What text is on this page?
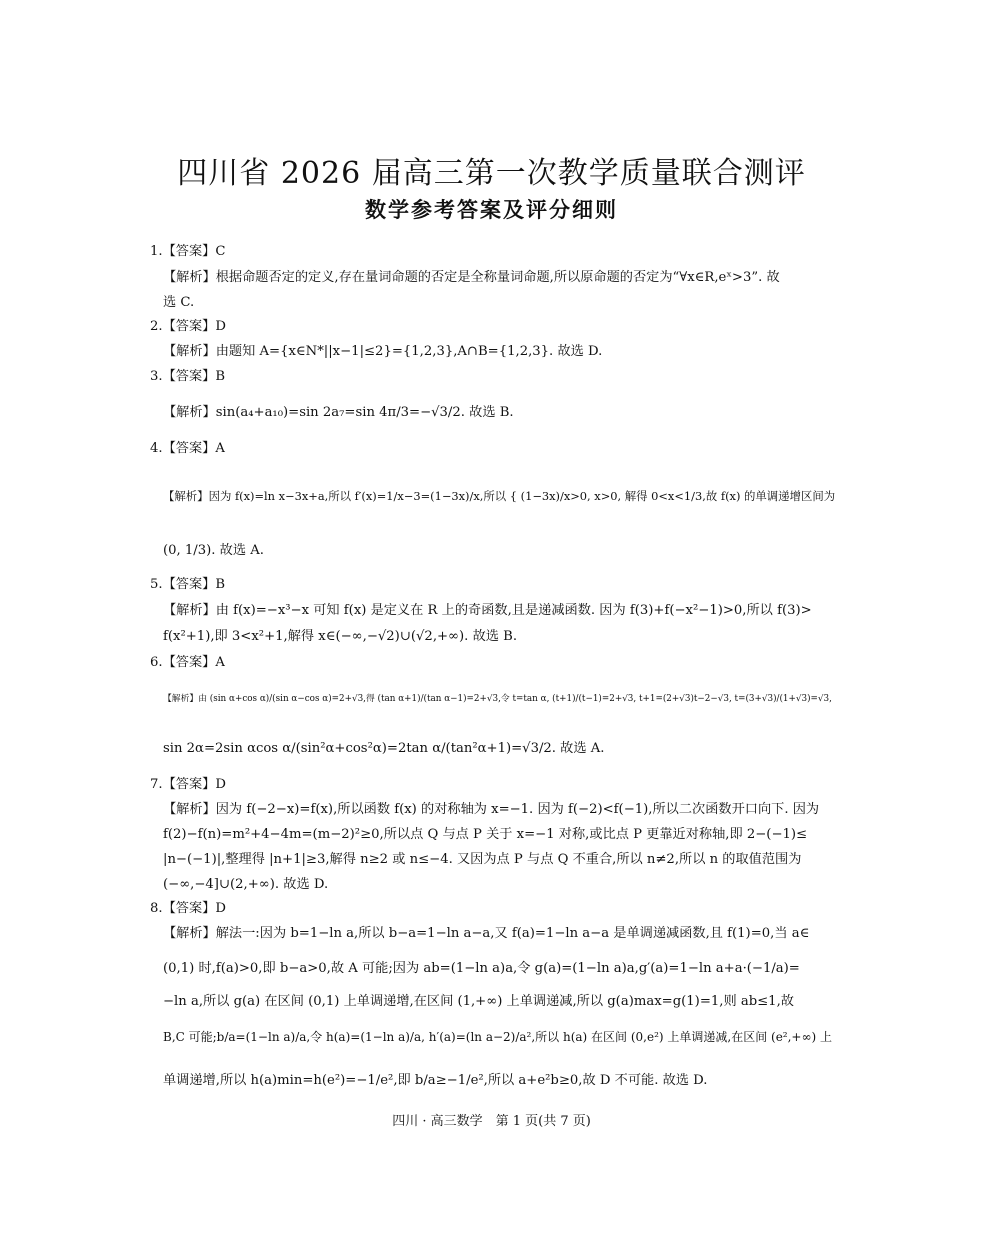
四川省 2026 届高三第一次教学质量联合测评
数学参考答案及评分细则
1.【答案】C
【解析】根据命题否定的定义,存在量词命题的否定是全称量词命题,所以原命题的否定为“∀x∈R,eˣ>3”. 故
选 C.
2.【答案】D
【解析】由题知 A={x∈N*||x−1|≤2}={1,2,3},A∩B={1,2,3}. 故选 D.
3.【答案】B
【解析】sin(a₄+a₁₀)=sin 2a₇=sin 4π/3=−√3/2. 故选 B.
4.【答案】A
【解析】因为 f(x)=ln x−3x+a,所以 f′(x)=1/x−3=(1−3x)/x,所以 { (1−3x)/x>0, x>0, 解得 0<x<1/3,故 f(x) 的单调递增区间为
(0, 1/3). 故选 A.
5.【答案】B
【解析】由 f(x)=−x³−x 可知 f(x) 是定义在 R 上的奇函数,且是递减函数. 因为 f(3)+f(−x²−1)>0,所以 f(3)>
f(x²+1),即 3<x²+1,解得 x∈(−∞,−√2)∪(√2,+∞). 故选 B.
6.【答案】A
【解析】由 (sin α+cos α)/(sin α−cos α)=2+√3,得 (tan α+1)/(tan α−1)=2+√3,令 t=tan α, (t+1)/(t−1)=2+√3, t+1=(2+√3)t−2−√3, t=(3+√3)/(1+√3)=√3,
sin 2α=2sin αcos α/(sin²α+cos²α)=2tan α/(tan²α+1)=√3/2. 故选 A.
7.【答案】D
【解析】因为 f(−2−x)=f(x),所以函数 f(x) 的对称轴为 x=−1. 因为 f(−2)<f(−1),所以二次函数开口向下. 因为
f(2)−f(n)=m²+4−4m=(m−2)²≥0,所以点 Q 与点 P 关于 x=−1 对称,或比点 P 更靠近对称轴,即 2−(−1)≤
|n−(−1)|,整理得 |n+1|≥3,解得 n≥2 或 n≤−4. 又因为点 P 与点 Q 不重合,所以 n≠2,所以 n 的取值范围为
(−∞,−4]∪(2,+∞). 故选 D.
8.【答案】D
【解析】解法一:因为 b=1−ln a,所以 b−a=1−ln a−a,又 f(a)=1−ln a−a 是单调递减函数,且 f(1)=0,当 a∈
(0,1) 时,f(a)>0,即 b−a>0,故 A 可能;因为 ab=(1−ln a)a,令 g(a)=(1−ln a)a,g′(a)=1−ln a+a·(−1/a)=
−ln a,所以 g(a) 在区间 (0,1) 上单调递增,在区间 (1,+∞) 上单调递减,所以 g(a)max=g(1)=1,则 ab≤1,故
B,C 可能;b/a=(1−ln a)/a,令 h(a)=(1−ln a)/a, h′(a)=(ln a−2)/a²,所以 h(a) 在区间 (0,e²) 上单调递减,在区间 (e²,+∞) 上
单调递增,所以 h(a)min=h(e²)=−1/e²,即 b/a≥−1/e²,所以 a+e²b≥0,故 D 不可能. 故选 D.
四川 · 高三数学　第 1 页(共 7 页)
